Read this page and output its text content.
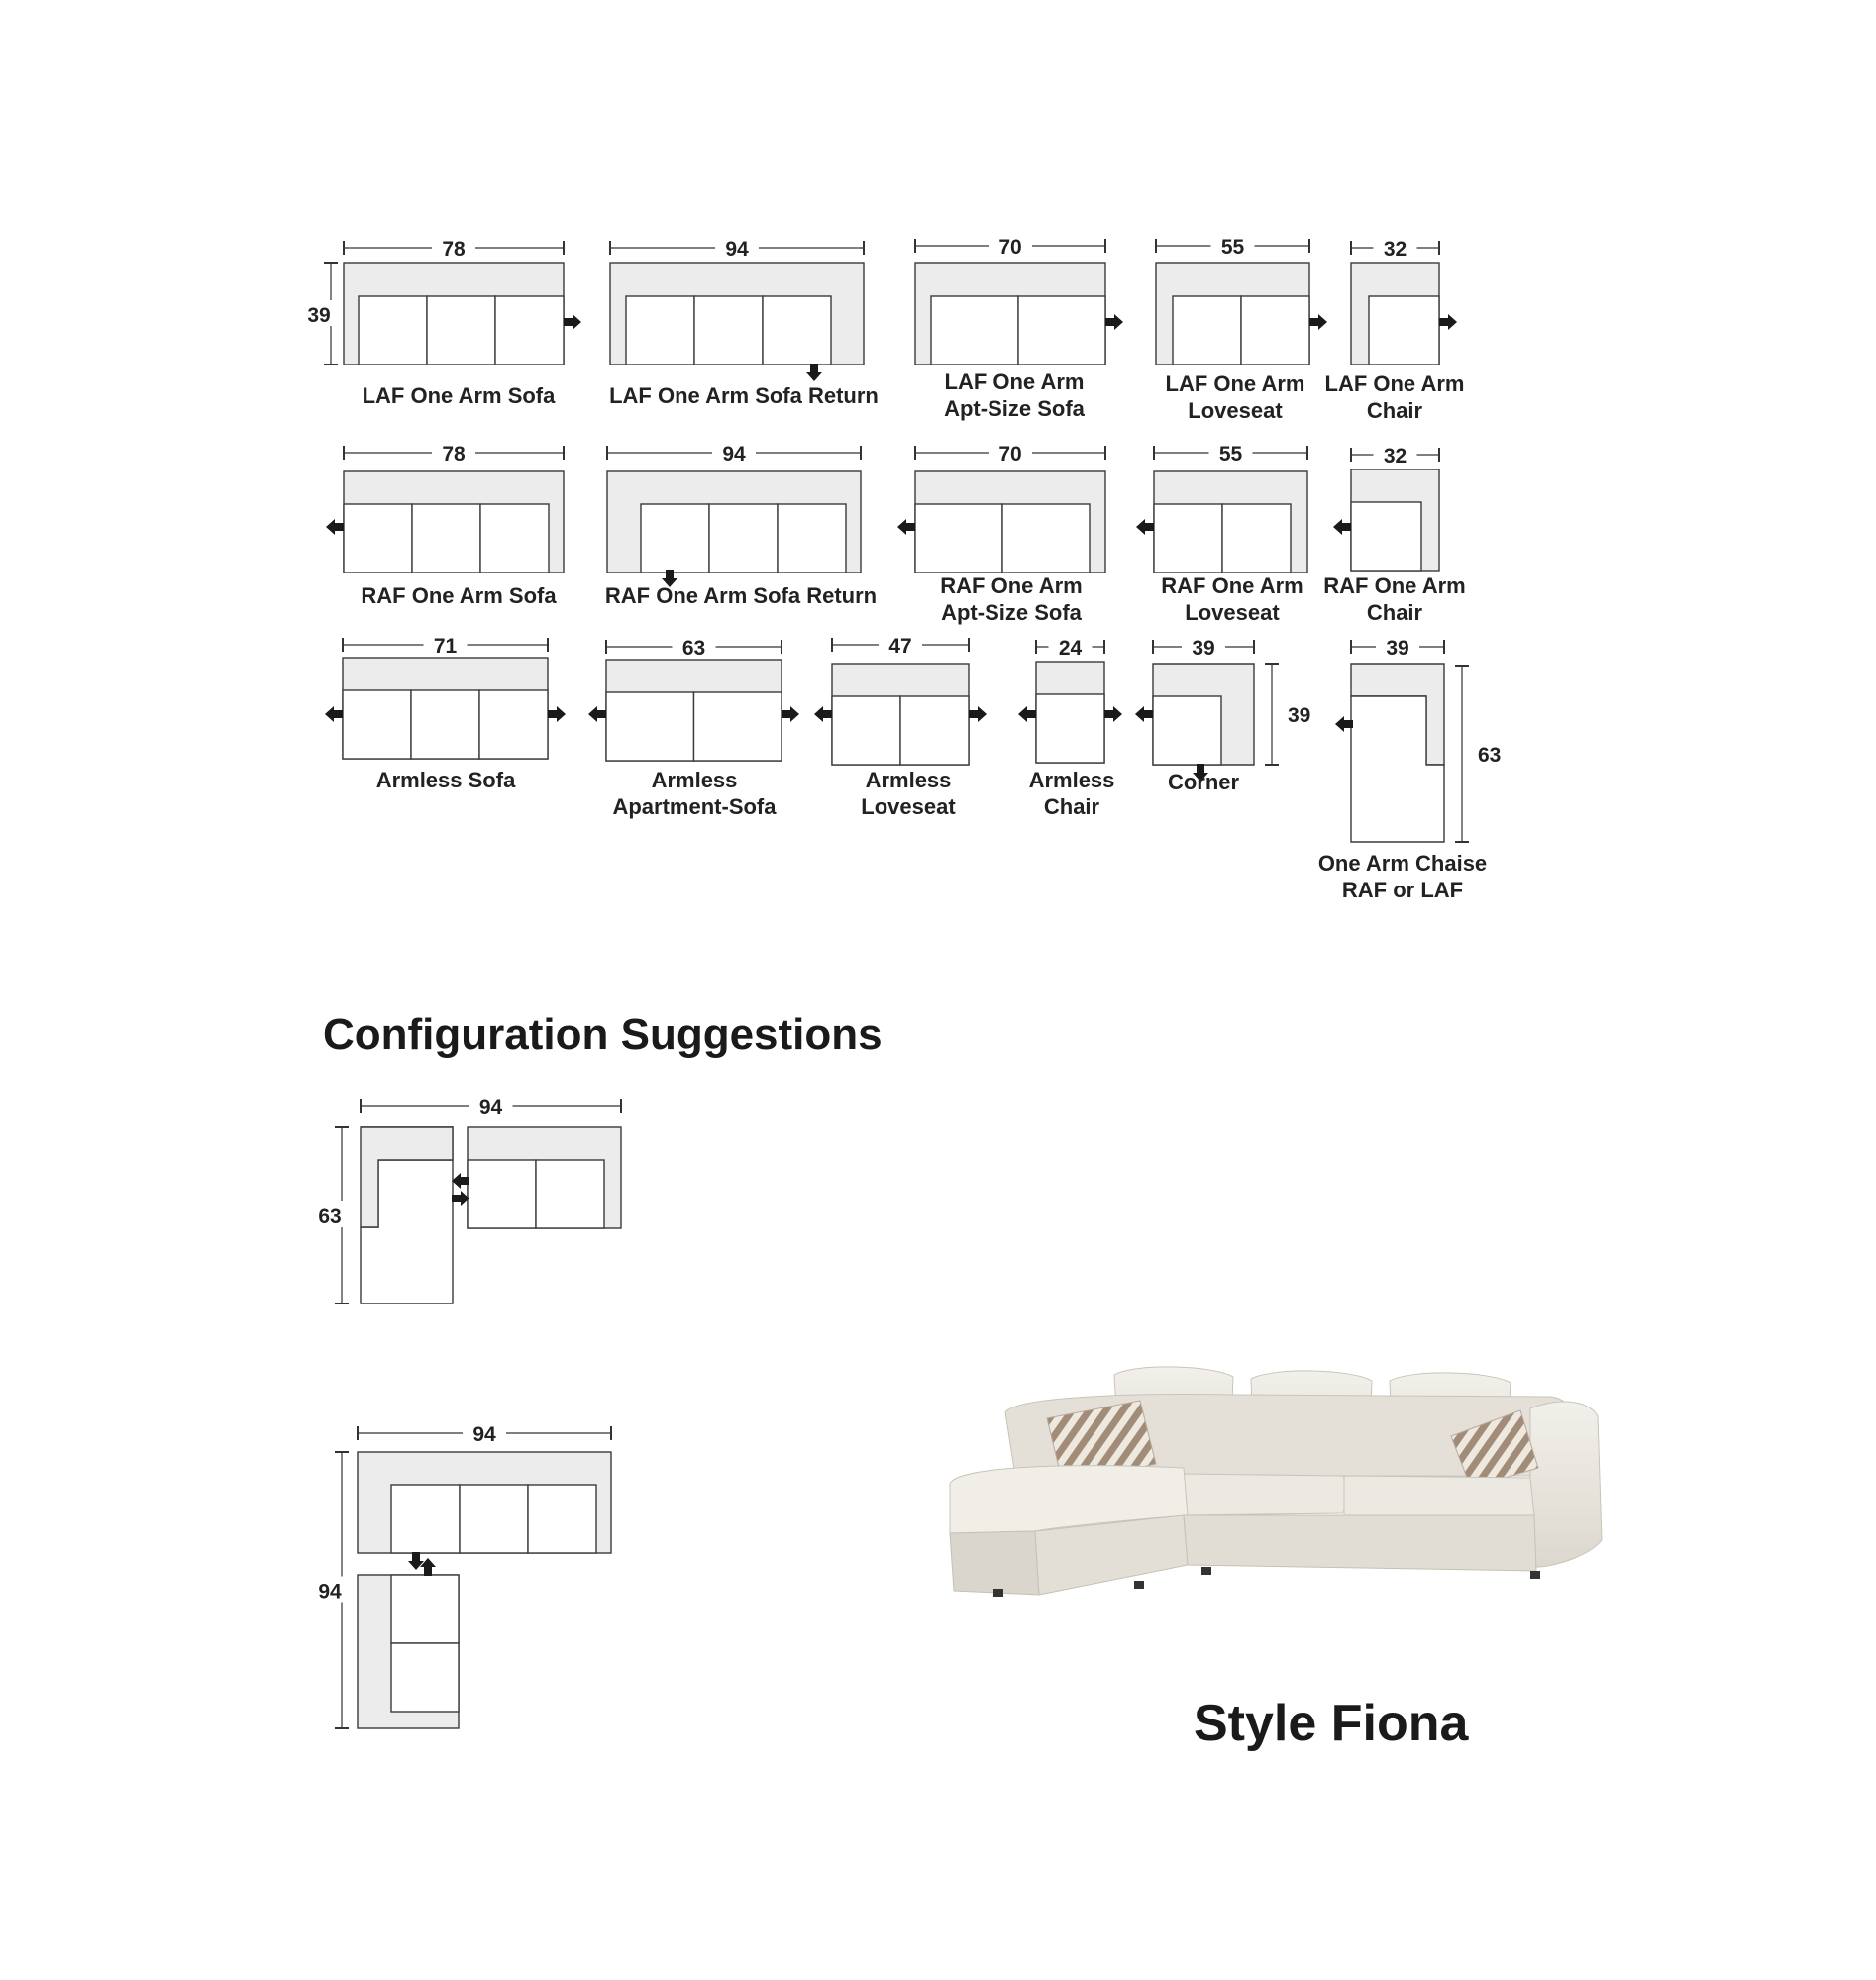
78
39
94	70	55	32
78	94	70	55	32
71	63	47	24	39
39
39
63
94
63
94
94
LAF One Arm Sofa	LAF One Arm Sofa Return
LAF One Arm
Apt-Size Sofa
LAF One Arm
Loveseat
LAF One Arm
Chair
RAF One Arm Sofa	RAF One Arm Sofa Return	RAF One Arm
Apt-Size Sofa
RAF One Arm
Loveseat
RAF One Arm
Chair
Armless Sofa	Armless
Apartment-Sofa
Armless
Loveseat
Armless
Chair
Corner
One Arm Chaise
RAF or LAF
Configuration Suggestions
Style Fiona
